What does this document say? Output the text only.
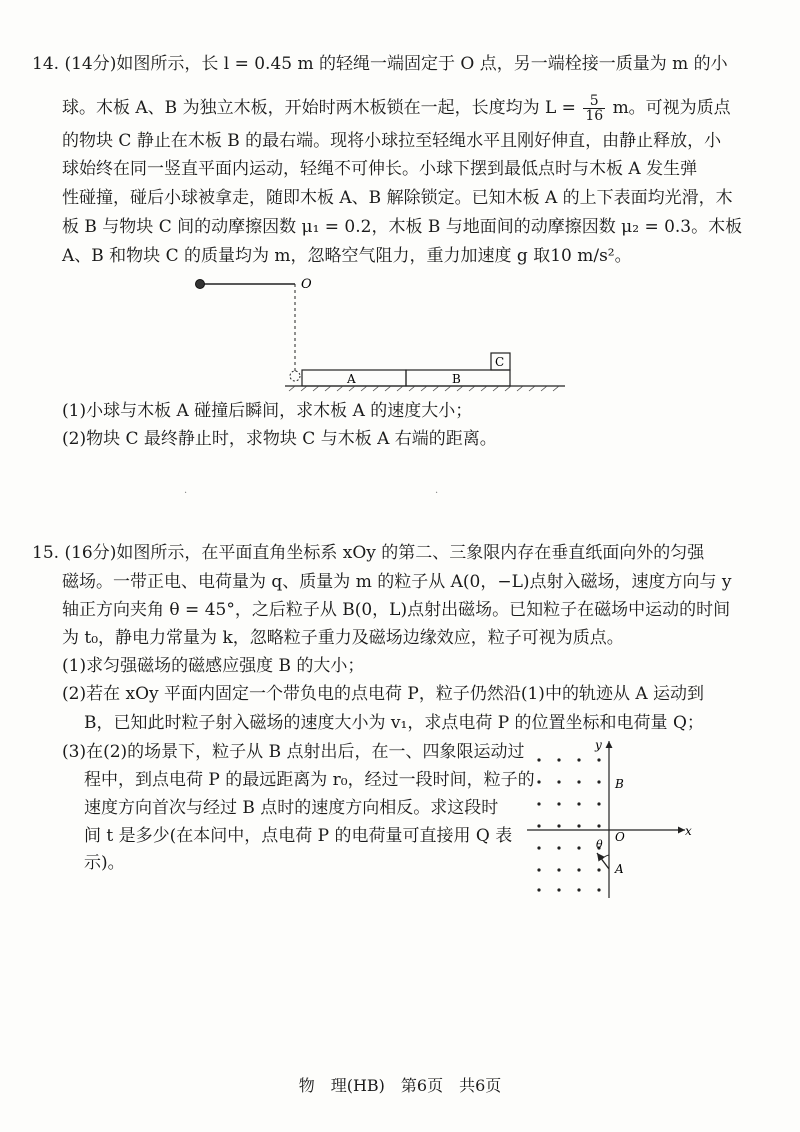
14. (14分)如图所示，长 l = 0.45 m 的轻绳一端固定于 O 点，另一端栓接一质量为 m 的小
球。木板 A、B 为独立木板，开始时两木板锁在一起，长度均为 $L = \frac{5}{16}$ m。可视为质点
的物块 C 静止在木板 B 的最右端。现将小球拉至轻绳水平且刚好伸直，由静止释放，小
球始终在同一竖直平面内运动，轻绳不可伸长。小球下摆到最低点时与木板 A 发生弹
性碰撞，碰后小球被拿走，随即木板 A、B 解除锁定。已知木板 A 的上下表面均光滑，木
板 B 与物块 C 间的动摩擦因数 μ₁ = 0.2，木板 B 与地面间的动摩擦因数 μ₂ = 0.3。木板
A、B 和物块 C 的质量均为 m，忽略空气阻力，重力加速度 g 取10 m/s²。
O
A	B
C
(1)小球与木板 A 碰撞后瞬间，求木板 A 的速度大小；
(2)物块 C 最终静止时，求物块 C 与木板 A 右端的距离。
·	·
15. (16分)如图所示，在平面直角坐标系 xOy 的第二、三象限内存在垂直纸面向外的匀强
磁场。一带正电、电荷量为 q、质量为 m 的粒子从 A(0，−L)点射入磁场，速度方向与 y
轴正方向夹角 θ = 45°，之后粒子从 B(0，L)点射出磁场。已知粒子在磁场中运动的时间
为 t₀，静电力常量为 k，忽略粒子重力及磁场边缘效应，粒子可视为质点。
(1)求匀强磁场的磁感应强度 B 的大小；
(2)若在 xOy 平面内固定一个带负电的点电荷 P，粒子仍然沿(1)中的轨迹从 A 运动到
B，已知此时粒子射入磁场的速度大小为 v₁，求点电荷 P 的位置坐标和电荷量 Q；
(3)在(2)的场景下，粒子从 B 点射出后，在一、四象限运动过
程中，到点电荷 P 的最远距离为 r₀，经过一段时间，粒子的
速度方向首次与经过 B 点时的速度方向相反。求这段时
间 t 是多少(在本问中，点电荷 P 的电荷量可直接用 Q 表
示)。
y
x
O
B
A
θ
物　理(HB)　第6页　共6页
